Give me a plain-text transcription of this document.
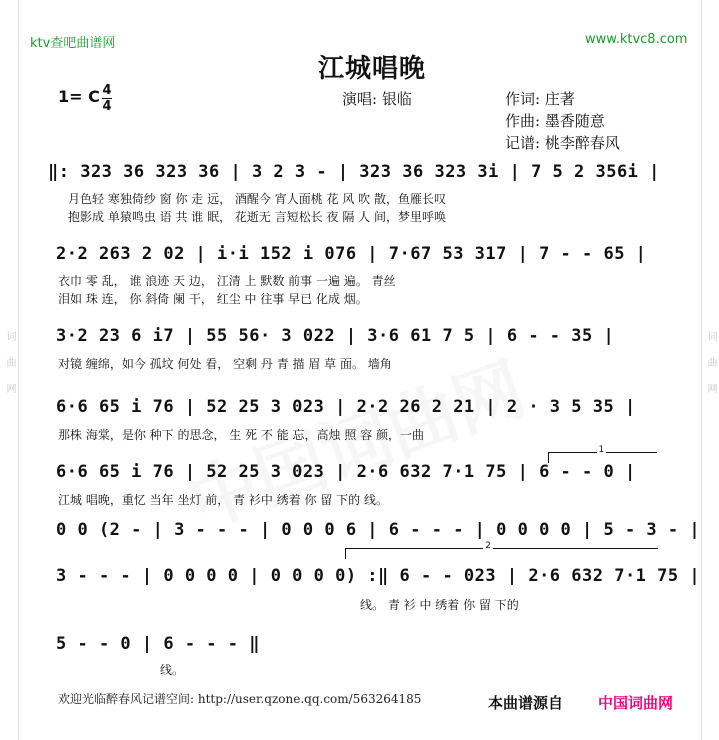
词曲网	词曲网
ktv查吧曲谱网	www.ktvc8.com
江城唱晚
1= C 4
4	演唱: 银临	作词: 庄著
作曲: 墨香随意
记谱: 桃李醉春风
‖: 323 36 323 36 | 3 2 3 - | 323 36 323 3i | 7 5 2 356i |
月色轻 寒独倚纱 窗 你 走 远， 酒醒今 宵人面桃 花 风 吹 散，鱼雁长叹
抱影成 单猿鸣虫 语 共 谁 眠， 花逝无 言短松长 夜 隔 人 间，梦里呼唤
2·2 263 2 02 | i·i 152 i 076 | 7·67 53 317 | 7 - - 65 |
衣巾 零 乱， 谁 浪迹 天 边， 江清 上 默数 前事 一遍 遍。 青丝
泪如 珠 连， 你 斜倚 阑 干， 红尘 中 往事 早已 化成 烟。
3·2 23 6 i7 | 55 56· 3 022 | 3·6 61 7 5 | 6 - - 35 |
对镜 缠绵，如今 孤坟 何处 看， 空剩 丹 青 描 眉 草 面。 墙角
6·6 65 i 76 | 52 25 3 023 | 2·2 26 2 21 | 2 · 3 5 35 |
那株 海棠，是你 种下 的思念， 生 死 不 能 忘，高烛 照 容 颜，一曲
1
6·6 65 i 76 | 52 25 3 023 | 2·6 632 7·1 75 | 6 - - 0 |
江城 唱晚，重忆 当年 坐灯 前， 青 衫中 绣着 你 留 下的 线。
0 0 (2 - | 3 - - - | 0 0 0 6 | 6 - - - | 0 0 0 0 | 5 - 3 - |
2
3 - - - | 0 0 0 0 | 0 0 0 0) :‖ 6 - - 023 | 2·6 632 7·1 75 |
线。 青 衫 中 绣着 你 留 下的
5 - - 0 | 6 - - - ‖
线。
欢迎光临醉春风记谱空间: http://user.qzone.qq.com/563264185	本曲谱源自 中国词曲网
